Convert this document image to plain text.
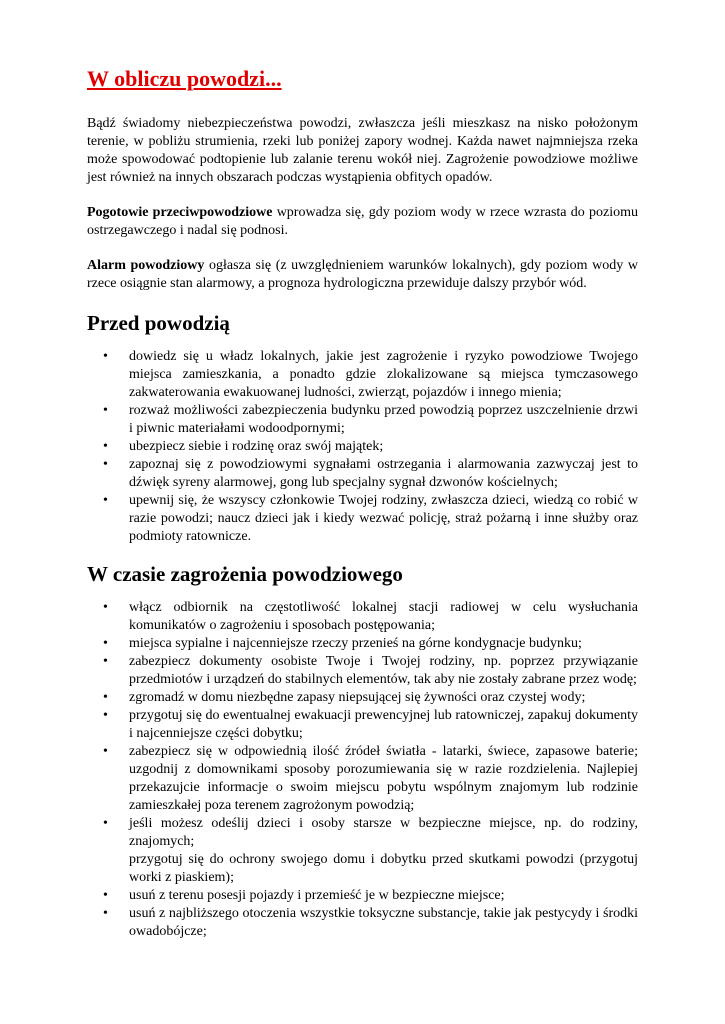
W obliczu powodzi...

Bądź świadomy niebezpieczeństwa powodzi, zwłaszcza jeśli mieszkasz na nisko położonym terenie, w pobliżu strumienia, rzeki lub poniżej zapory wodnej. Każda nawet najmniejsza rzeka może spowodować podtopienie lub zalanie terenu wokół niej. Zagrożenie powodziowe możliwe jest również na innych obszarach podczas wystąpienia obfitych opadów.

Pogotowie przeciwpowodziowe wprowadza się, gdy poziom wody w rzece wzrasta do poziomu ostrzegawczego i nadal się podnosi.

Alarm powodziowy ogłasza się (z uwzględnieniem warunków lokalnych), gdy poziom wody w rzece osiągnie stan alarmowy, a prognoza hydrologiczna przewiduje dalszy przybór wód.

Przed powodzią
• dowiedz się u władz lokalnych, jakie jest zagrożenie i ryzyko powodziowe Twojego miejsca zamieszkania, a ponadto gdzie zlokalizowane są miejsca tymczasowego zakwaterowania ewakuowanej ludności, zwierząt, pojazdów i innego mienia;
• rozważ możliwości zabezpieczenia budynku przed powodzią poprzez uszczelnienie drzwi i piwnic materiałami wodoodpornymi;
• ubezpiecz siebie i rodzinę oraz swój majątek;
• zapoznaj się z powodziowymi sygnałami ostrzegania i alarmowania zazwyczaj jest to dźwięk syreny alarmowej, gong lub specjalny sygnał dzwonów kościelnych;
• upewnij się, że wszyscy członkowie Twojej rodziny, zwłaszcza dzieci, wiedzą co robić w razie powodzi; naucz dzieci jak i kiedy wezwać policję, straż pożarną i inne służby oraz podmioty ratownicze.
W czasie zagrożenia powodziowego
• włącz odbiornik na częstotliwość lokalnej stacji radiowej w celu wysłuchania komunikatów o zagrożeniu i sposobach postępowania;
• miejsca sypialne i najcenniejsze rzeczy przenieś na górne kondygnacje budynku;
• zabezpiecz dokumenty osobiste Twoje i Twojej rodziny, np. poprzez przywiązanie przedmiotów i urządzeń do stabilnych elementów, tak aby nie zostały zabrane przez wodę;
• zgromadź w domu niezbędne zapasy niepsującej się żywności oraz czystej wody;
• przygotuj się do ewentualnej ewakuacji prewencyjnej lub ratowniczej, zapakuj dokumenty i najcenniejsze części dobytku;
• zabezpiecz się w odpowiednią ilość źródeł światła - latarki, świece, zapasowe baterie; uzgodnij z domownikami sposoby porozumiewania się w razie rozdzielenia. Najlepiej przekazujcie informacje o swoim miejscu pobytu wspólnym znajomym lub rodzinie zamieszkałej poza terenem zagrożonym powodzią;
• jeśli możesz odeślij dzieci i osoby starsze w bezpieczne miejsce, np. do rodziny, znajomych;
przygotuj się do ochrony swojego domu i dobytku przed skutkami powodzi (przygotuj worki z piaskiem);
• usuń z terenu posesji pojazdy i przemieść je w bezpieczne miejsce;
• usuń z najbliższego otoczenia wszystkie toksyczne substancje, takie jak pestycydy i środki owadobójcze;
